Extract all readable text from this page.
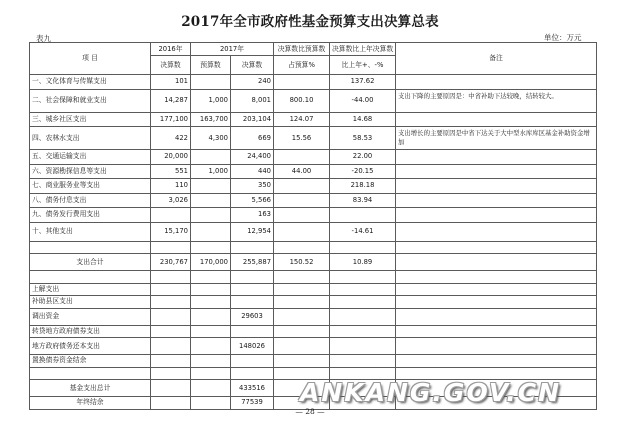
2017年全市政府性基金预算支出决算总表
表九	单位：万元
项 目	2016年	2017年		决算数比预算数	决算数比上年决算数	备注
	决算数	预算数	决算数	占预算%	比上年+、-%	
一、文化体育与传媒支出	101		240		137.62	
二、社会保障和就业支出	14,287	1,000	8,001	800.10	-44.00	支出下降的主要原因是：中省补助下达较晚，结转较大。
三、城乡社区支出	177,100	163,700	203,104	124.07	14.68	
四、农林水支出	422	4,300	669	15.56	58.53	支出增长的主要原因是中省下达关于大中型水库库区基金补助资金增加
五、交通运输支出	20,000		24,400		22.00	
六、资源勘探信息等支出	551	1,000	440	44.00	-20.15	
七、商业服务业等支出	110		350		218.18	
八、债务付息支出	3,026		5,566		83.94	
九、债务发行费用支出			163			
十、其他支出	15,170		12,954		-14.61	

支出合计	230,767	170,000	255,887	150.52	10.89	

上解支出						
补助县区支出						
调出资金			29603			
转贷地方政府债券支出						
地方政府债务还本支出			148026			
置换债券资金结余						

基金支出总计			433516			
年终结余			77539			ANKANG.GOV.CN
— 28 —
